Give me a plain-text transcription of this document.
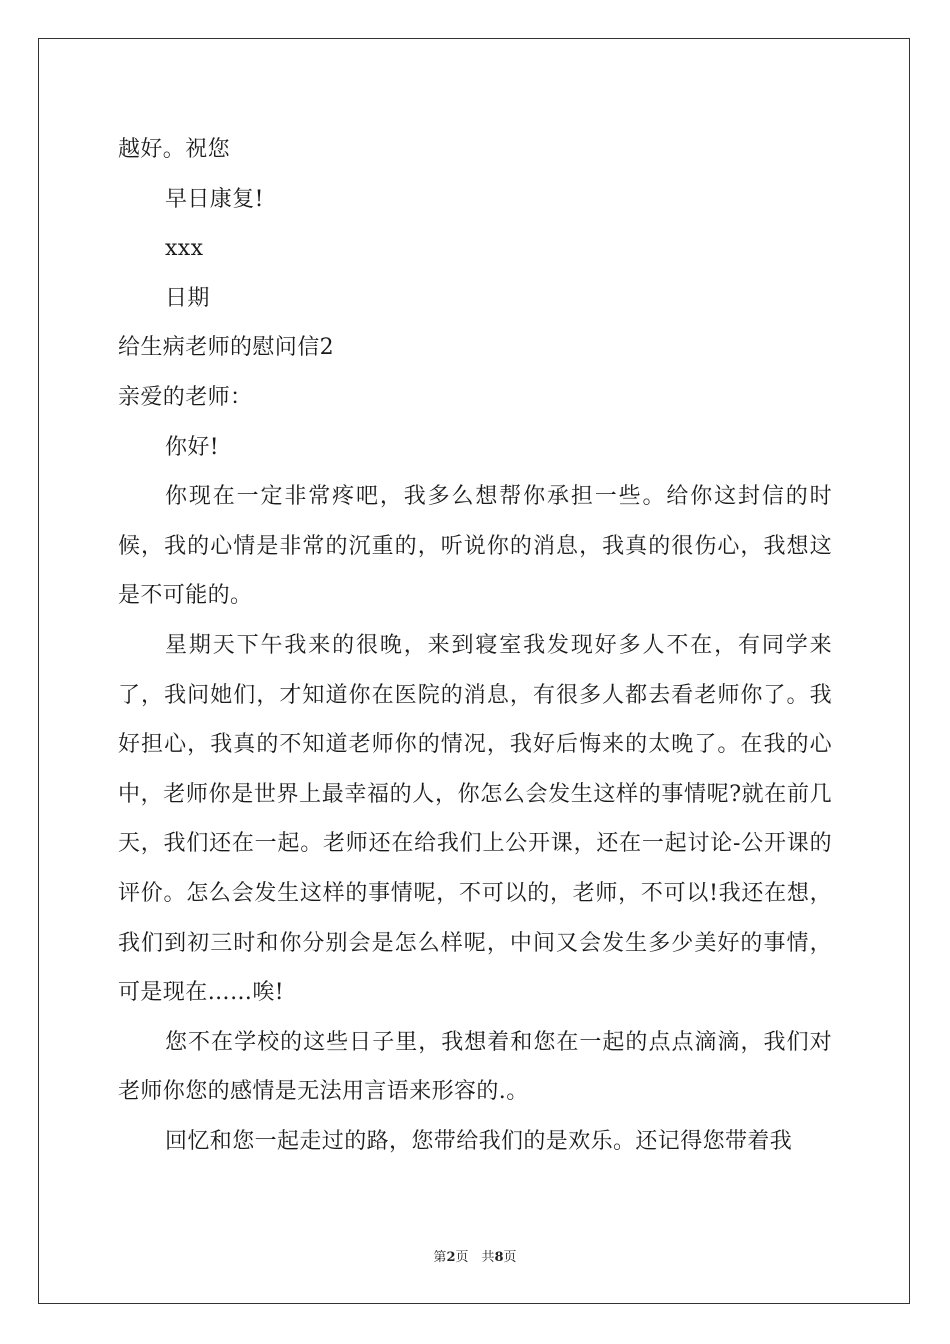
越好。祝您
早日康复!
xxx
日期
给生病老师的慰问信2
亲爱的老师：
你好!

你现在一定非常疼吧，我多么想帮你承担一些。给你这封信的时候，我的心情是非常的沉重的，听说你的消息，我真的很伤心，我想这是不可能的。

星期天下午我来的很晚，来到寝室我发现好多人不在，有同学来了，我问她们，才知道你在医院的消息，有很多人都去看老师你了。我好担心，我真的不知道老师你的情况，我好后悔来的太晚了。在我的心中，老师你是世界上最幸福的人，你怎么会发生这样的事情呢?就在前几天，我们还在一起。老师还在给我们上公开课，还在一起讨论-公开课的评价。怎么会发生这样的事情呢，不可以的，老师，不可以!我还在想，我们到初三时和你分别会是怎么样呢，中间又会发生多少美好的事情，可是现在……唉!

您不在学校的这些日子里，我想着和您在一起的点点滴滴，我们对老师你您的感情是无法用言语来形容的.。

回忆和您一起走过的路，您带给我们的是欢乐。还记得您带着我

第2页　共8页
